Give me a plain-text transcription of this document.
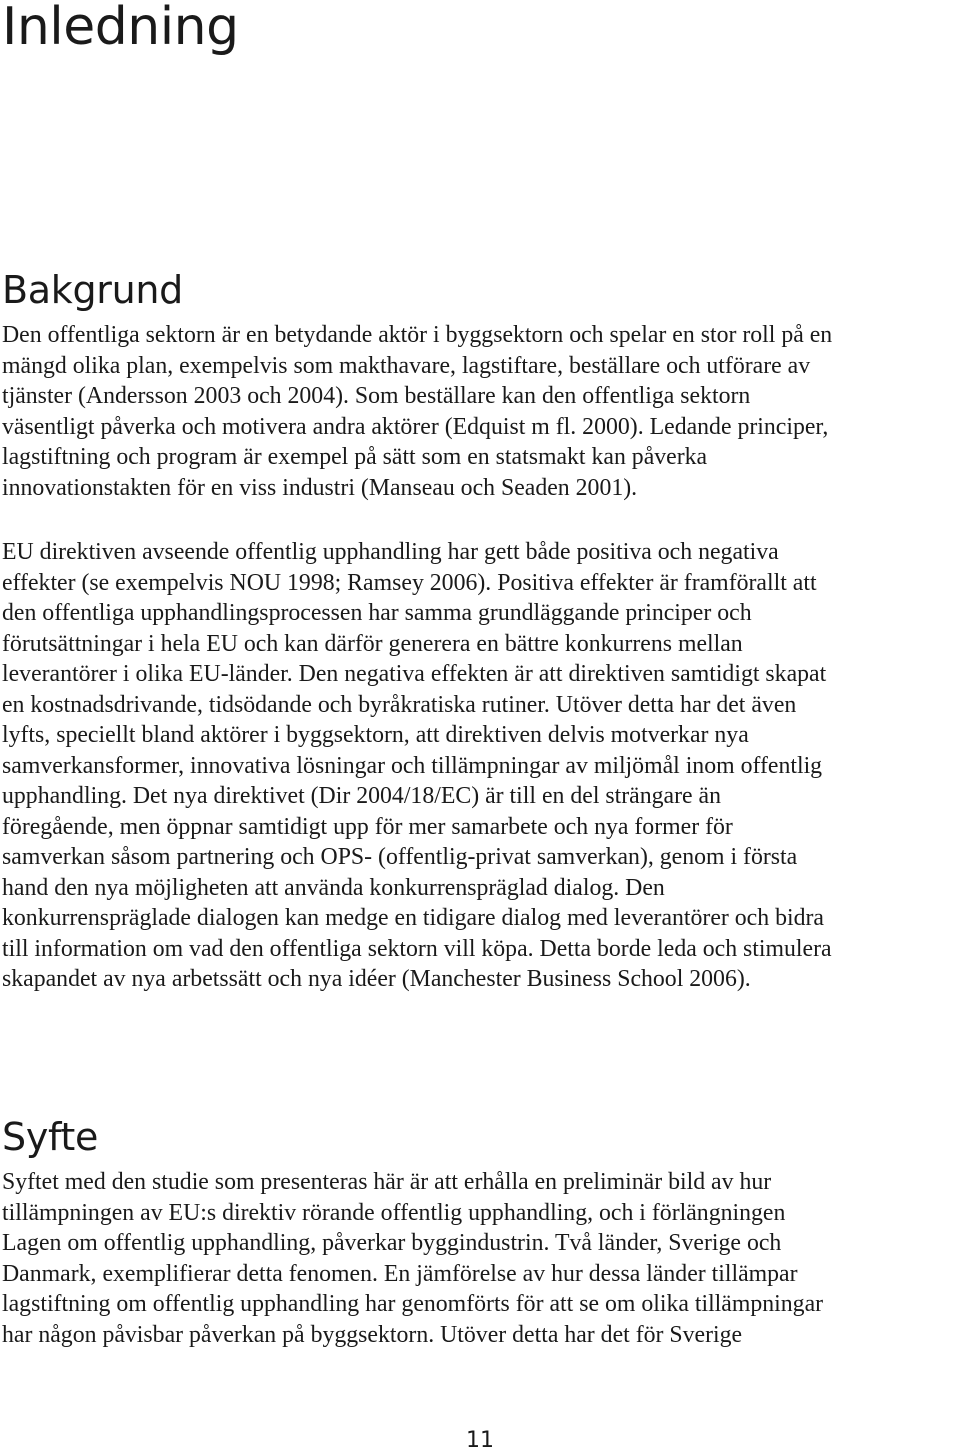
Inledning
Bakgrund

Den offentliga sektorn är en betydande aktör i byggsektorn och spelar en stor roll på en
mängd olika plan, exempelvis som makthavare, lagstiftare, beställare och utförare av
tjänster (Andersson 2003 och 2004). Som beställare kan den offentliga sektorn
väsentligt påverka och motivera andra aktörer (Edquist m fl. 2000). Ledande principer,
lagstiftning och program är exempel på sätt som en statsmakt kan påverka
innovationstakten för en viss industri (Manseau och Seaden 2001).

EU direktiven avseende offentlig upphandling har gett både positiva och negativa
effekter (se exempelvis NOU 1998; Ramsey 2006). Positiva effekter är framförallt att
den offentliga upphandlingsprocessen har samma grundläggande principer och
förutsättningar i hela EU och kan därför generera en bättre konkurrens mellan
leverantörer i olika EU-länder. Den negativa effekten är att direktiven samtidigt skapat
en kostnadsdrivande, tidsödande och byråkratiska rutiner. Utöver detta har det även
lyfts, speciellt bland aktörer i byggsektorn, att direktiven delvis motverkar nya
samverkansformer, innovativa lösningar och tillämpningar av miljömål inom offentlig
upphandling. Det nya direktivet (Dir 2004/18/EC) är till en del strängare än
föregående, men öppnar samtidigt upp för mer samarbete och nya former för
samverkan såsom partnering och OPS- (offentlig-privat samverkan), genom i första
hand den nya möjligheten att använda konkurrenspräglad dialog. Den
konkurrenspräglade dialogen kan medge en tidigare dialog med leverantörer och bidra
till information om vad den offentliga sektorn vill köpa. Detta borde leda och stimulera
skapandet av nya arbetssätt och nya idéer (Manchester Business School 2006).

Syfte

Syftet med den studie som presenteras här är att erhålla en preliminär bild av hur
tillämpningen av EU:s direktiv rörande offentlig upphandling, och i förlängningen
Lagen om offentlig upphandling, påverkar byggindustrin. Två länder, Sverige och
Danmark, exemplifierar detta fenomen. En jämförelse av hur dessa länder tillämpar
lagstiftning om offentlig upphandling har genomförts för att se om olika tillämpningar
har någon påvisbar påverkan på byggsektorn. Utöver detta har det för Sverige

11
